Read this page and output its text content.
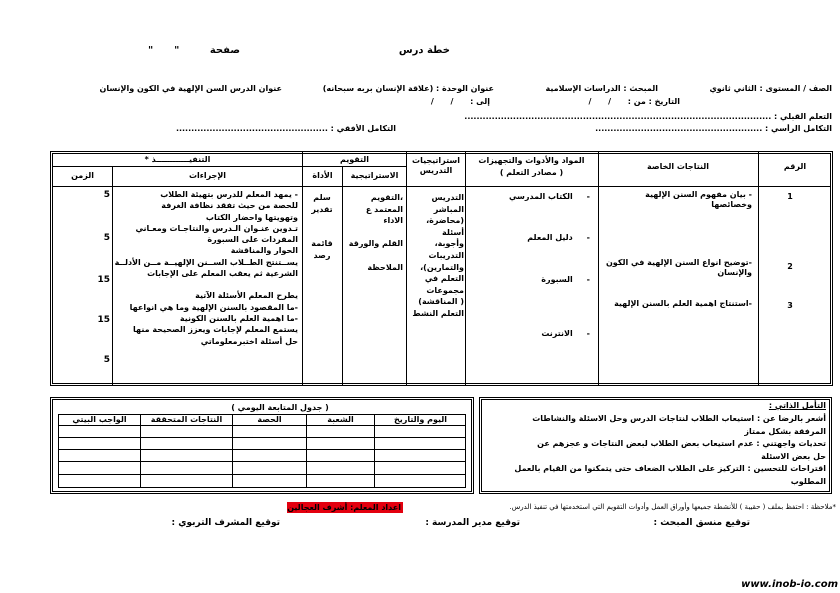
خطة درس
صفحة
"      "
الصف / المستوى : الثاني ثانوي
المبحث : الدراسات الإسلامية
عنوان الوحدة : (علاقة الإنسان بربه سبحانه)
عنوان الدرس السن الإلهية في الكون والإنسان
التاريخ : من :      /      /
إلى :      /      /
التعلم القبلي : .....................................................................................................
التكامل الرأسي : .......................................................
التكامل الأفقي : ..................................................
الرقم
النتاجات الخاصة
المواد والأدوات والتجهيزات
( مصادر التعلم )
استراتيجيات التدريس
التقويم
الاستراتيجية
الأداة
التنفيــــــــــــذ *
الإجراءات
الزمن
1
2
3
- بيان مفهوم السنن الإلهية
وخصائصها
-توضيح انواع السنن الإلهية في الكون
والإنسان
-استنتاج اهمية العلم بالسنن الإلهية
-     الكتاب المدرسي
-     دليل المعلم
-     السبورة
-     الانترنت
التدريس
المباشر
(محاضرة،
أسئلة
وأجوبة،
التدريبات
والتمارين)،
التعلم في
مجموعات
( المناقشة)
التعلم النشط
،التقويم
المعتمد ع
الاداء

القلم والورقة

الملاحظة
سلم
تقدير

قائمة
رصد
- يمهد المعلم للدرس بتهيئة الطلاب
للحصة من حيث تفقد نظافة الغرفة
وتهويتها واحضار الكتاب
تـدوين عنـوان الـدرس والنتاجـات ومعـاني
المفردات على السبورة
الحوار والمناقشة
يســتنتج الطــلاب الســنن الإلهيــة مــن الأدلــة
الشرعية ثم يعقب المعلم على الإجابات
يطرح المعلم الأسئلة الآتية
-ما المقصود بالسنن الإلهية وما هي انواعها
-ما اهمية العلم بالسنن الكونية
يستمع المعلم لإجابات ويعزز الصحيحة منها
حل أسئلة اختبرمعلوماتي
5
5
15
15
5
التأمل الذاتي :
أشعر بالرضا عن : استيعاب الطلاب لنتاجات الدرس وحل الاسئلة والنشاطات
المرفقة بشكل ممتاز
تحديات واجهتني : عدم استيعاب بعض الطلاب لبعض النتاجات و عجزهم عن
حل بعض الاسئلة
اقتراحات للتحسين : التركيز على الطلاب الضعاف حتى يتمكنوا من القيام بالعمل
المطلوب
( جدول المتابعة اليومي )
اليوم والتاريخ
الشعبة
الحصة
النتاجات المتحققة
الواجب البيتي
*ملاحظة : احتفظ بملف ( حقيبة ) للأنشطة جميعها وأوراق العمل وأدوات التقويم التي استخدمتها في تنفيذ الدرس.
اعداد المعلم: أشرف العجالين
توقيع منسق المبحث :
توقيع مدير المدرسة :
توقيع المشرف التربوي :
www.inob-io.com
